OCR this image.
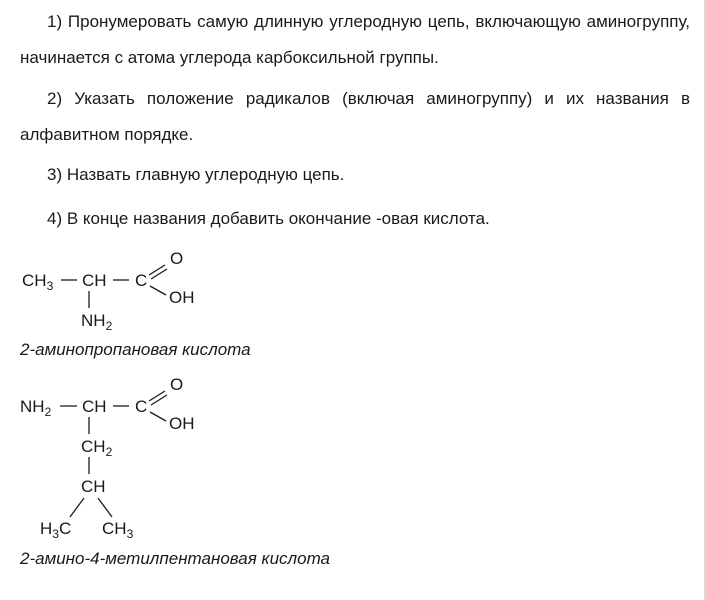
1) Пронумеровать самую длинную углеродную цепь, включающую аминогруппу, начинается с атома углерода карбоксильной группы.

2) Указать положение радикалов (включая аминогруппу) и их названия в алфавитном порядке.

3) Назвать главную углеродную цепь.

4) В конце названия добавить окончание -овая кислота.

$CH_3$ CH C
O
OH
$NH_2$

2-аминопропановая кислота

$NH_2$ CH C
O
OH
$CH_2$
CH
$H_3C$ $CH_3$

2-амино-4-метилпентановая кислота
